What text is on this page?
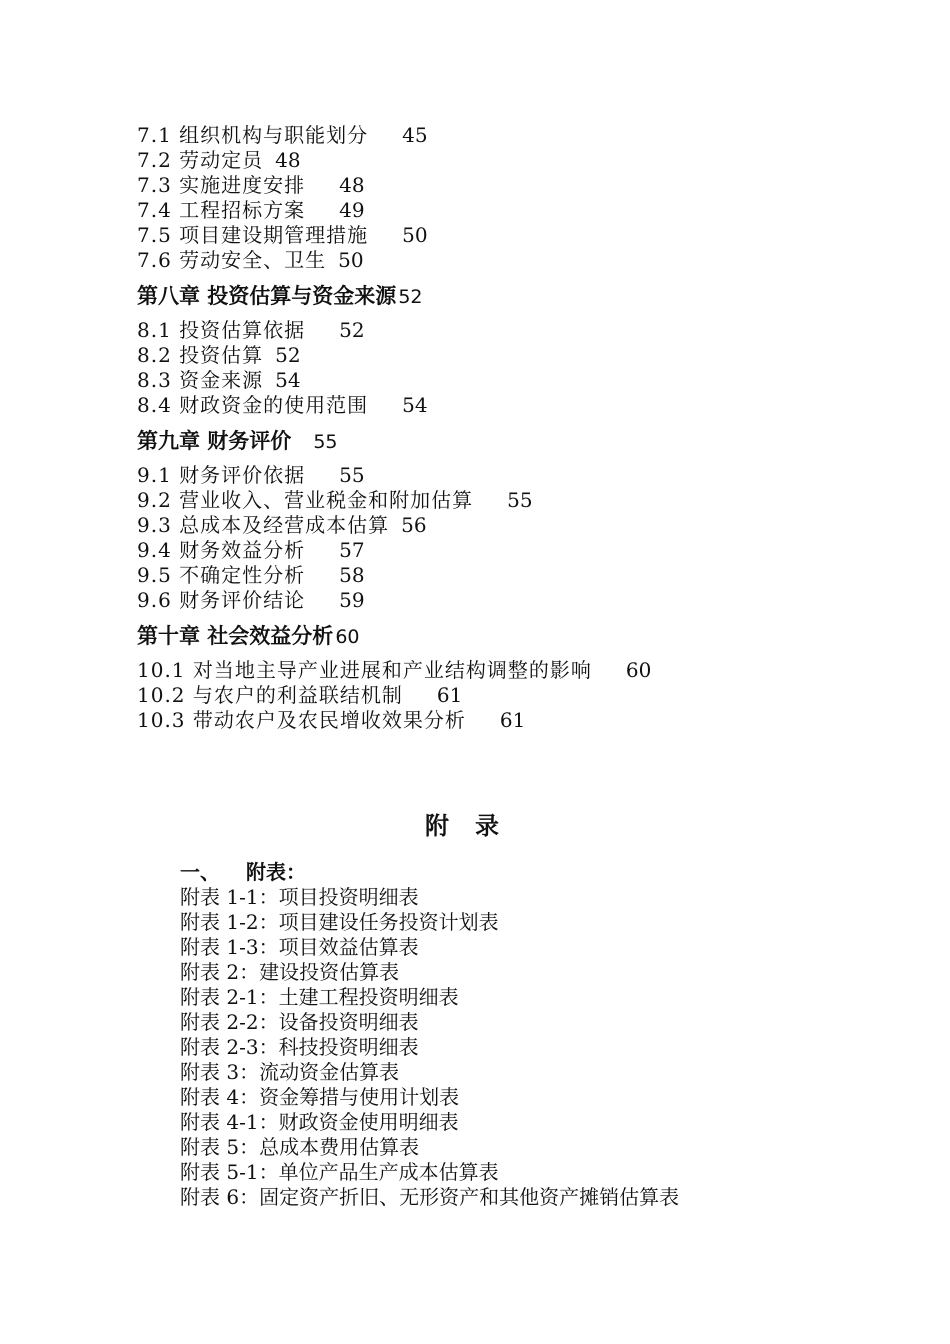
7.1 组织机构与职能划分 45
7.2 劳动定员 48
7.3 实施进度安排 48
7.4 工程招标方案 49
7.5 项目建设期管理措施 50
7.6 劳动安全、卫生 50
第八章 投资估算与资金来源 52
8.1 投资估算依据 52
8.2 投资估算 52
8.3 资金来源 54
8.4 财政资金的使用范围 54
第九章 财务评价 55
9.1 财务评价依据 55
9.2 营业收入、营业税金和附加估算 55
9.3 总成本及经营成本估算 56
9.4 财务效益分析 57
9.5 不确定性分析 58
9.6 财务评价结论 59
第十章 社会效益分析 60
10.1 对当地主导产业进展和产业结构调整的影响 60
10.2 与农户的利益联结机制 61
10.3 带动农户及农民增收效果分析 61
附录
一、 附表：
附表 1-1：项目投资明细表
附表 1-2：项目建设任务投资计划表
附表 1-3：项目效益估算表
附表 2：建设投资估算表
附表 2-1：土建工程投资明细表
附表 2-2：设备投资明细表
附表 2-3：科技投资明细表
附表 3：流动资金估算表
附表 4：资金筹措与使用计划表
附表 4-1：财政资金使用明细表
附表 5：总成本费用估算表
附表 5-1：单位产品生产成本估算表
附表 6：固定资产折旧、无形资产和其他资产摊销估算表
